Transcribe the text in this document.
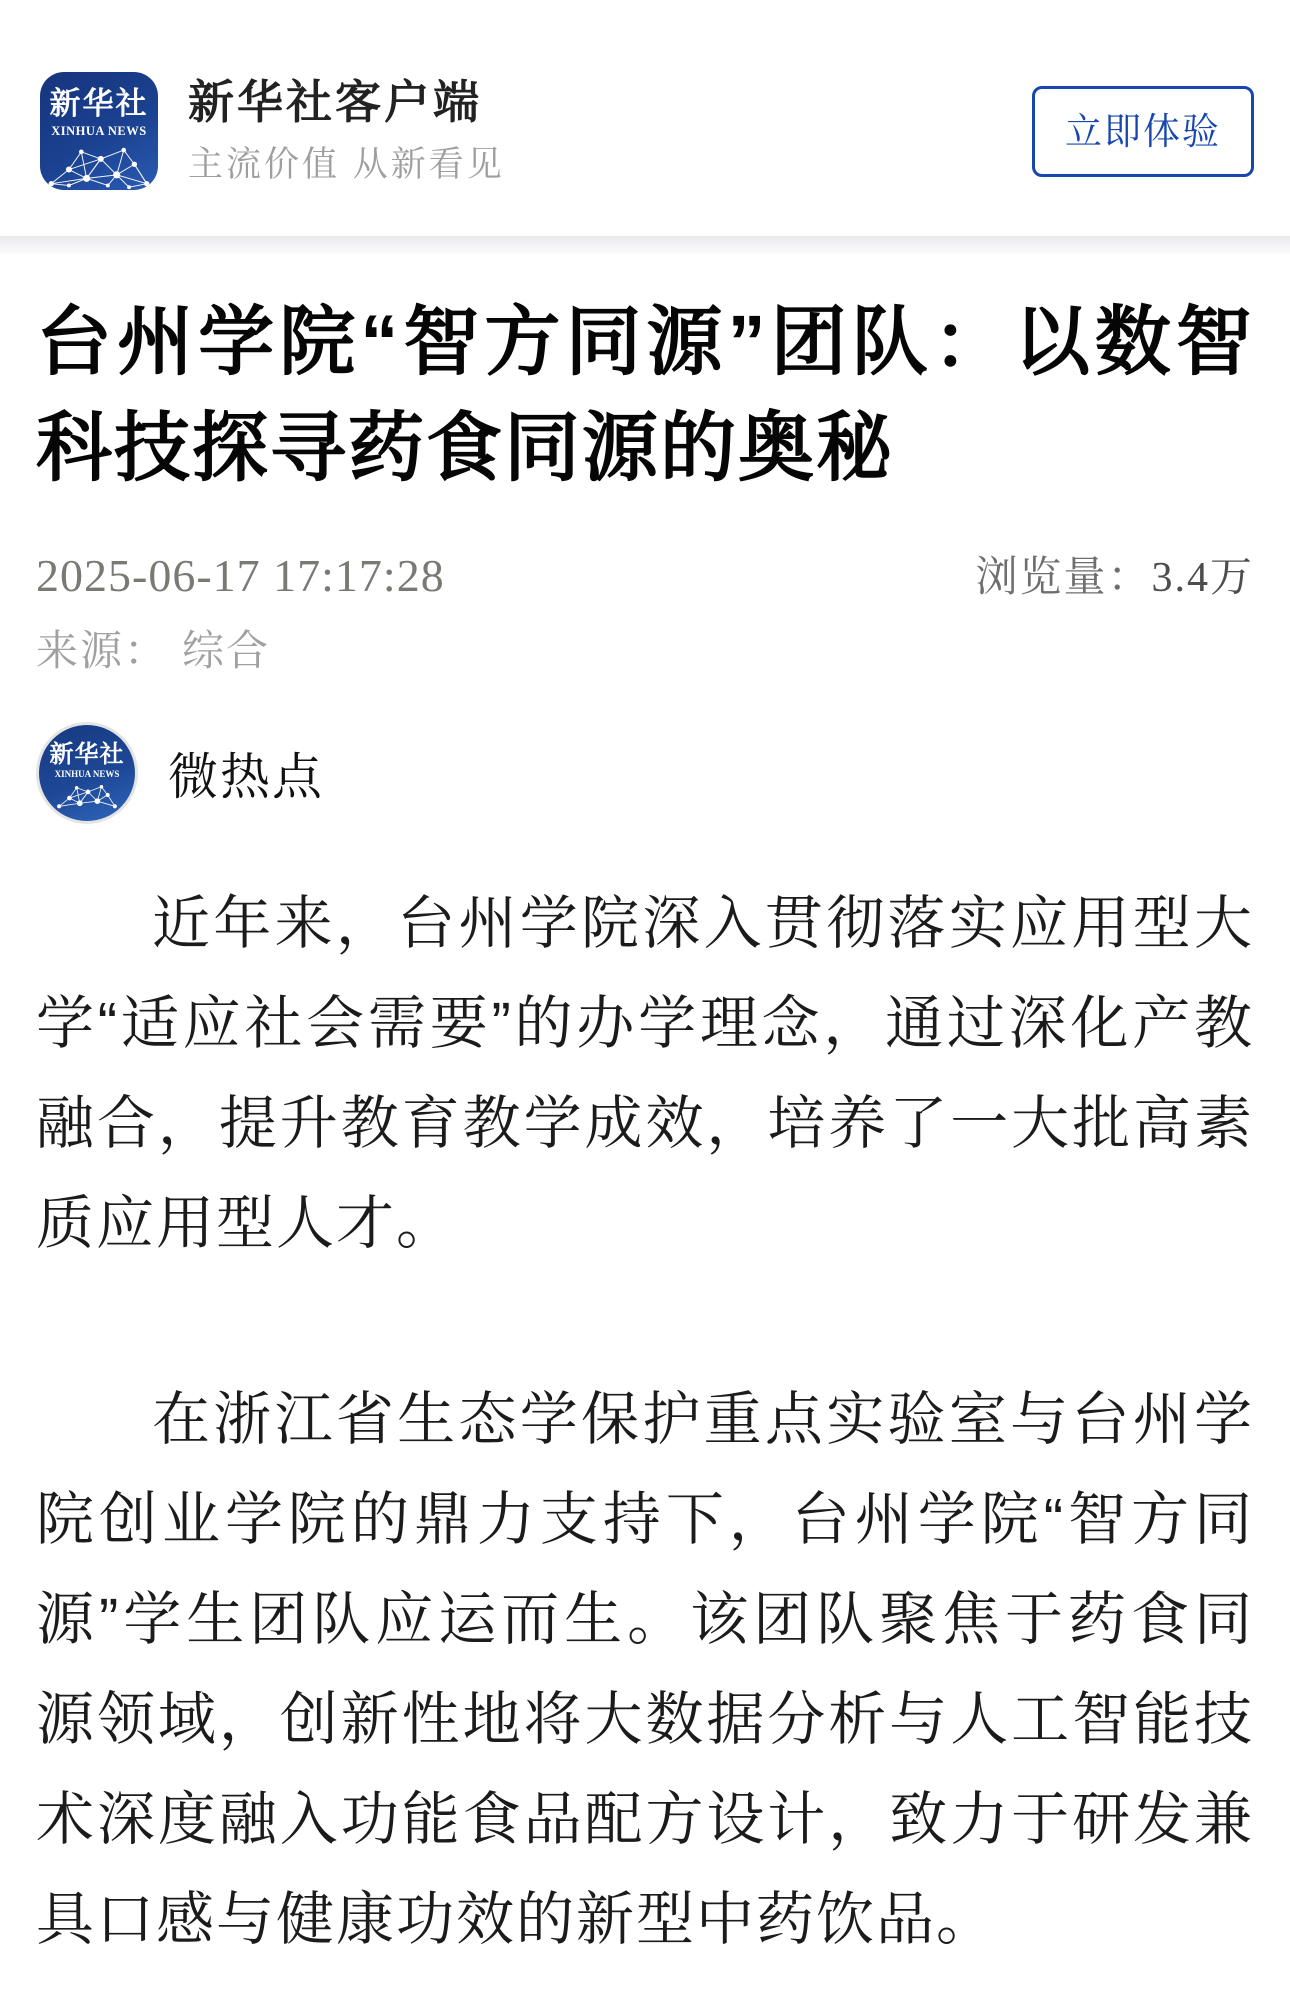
新华社
XINHUA NEWS
新华社客户端
主流价值 从新看见
立即体验
台州学院“智方同源”团队：以数智科技探寻药食同源的奥秘
2025-06-17 17:17:28	浏览量：3.4万
来源： 综合
新华社
XINHUA NEWS 微热点

近年来，台州学院深入贯彻落实应用型大学“适应社会需要”的办学理念，通过深化产教融合，提升教育教学成效，培养了一大批高素质应用型人才。

在浙江省生态学保护重点实验室与台州学院创业学院的鼎力支持下，台州学院“智方同源”学生团队应运而生。该团队聚焦于药食同源领域，创新性地将大数据分析与人工智能技术深度融入功能食品配方设计，致力于研发兼具口感与健康功效的新型中药饮品。
